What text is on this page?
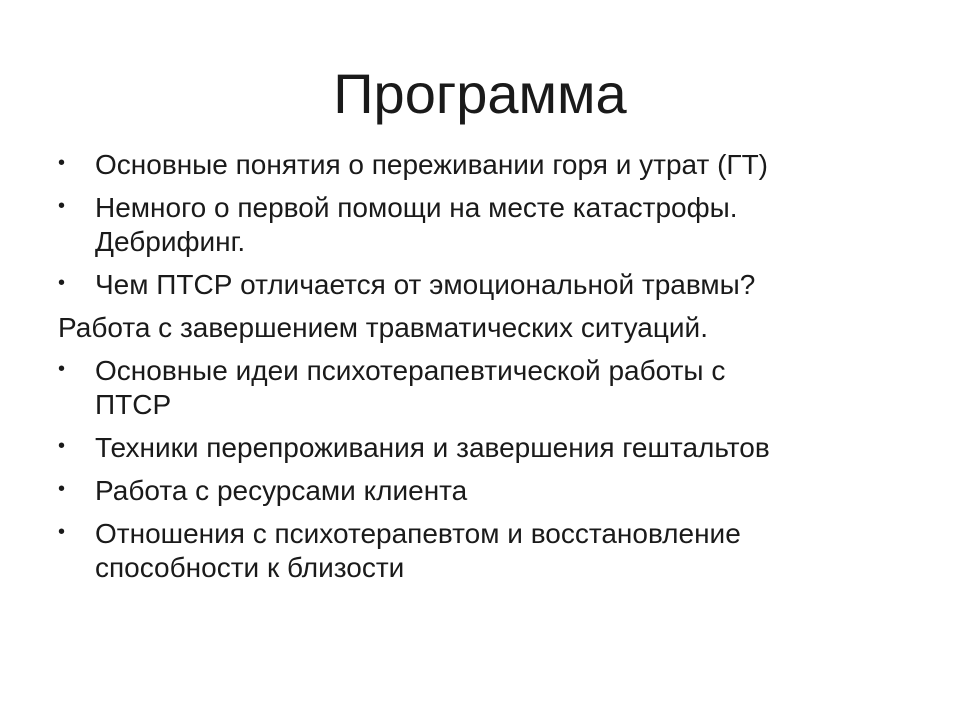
Программа
• Основные понятия о переживании горя и утрат (ГТ)
• Немного о первой помощи на месте катастрофы.
Дебрифинг.
• Чем ПТСР отличается от эмоциональной травмы?
Работа с завершением травматических ситуаций.
• Основные идеи психотерапевтической работы с
ПТСР
• Техники перепроживания и завершения гештальтов
• Работа с ресурсами клиента
• Отношения с психотерапевтом и восстановление
способности к близости
